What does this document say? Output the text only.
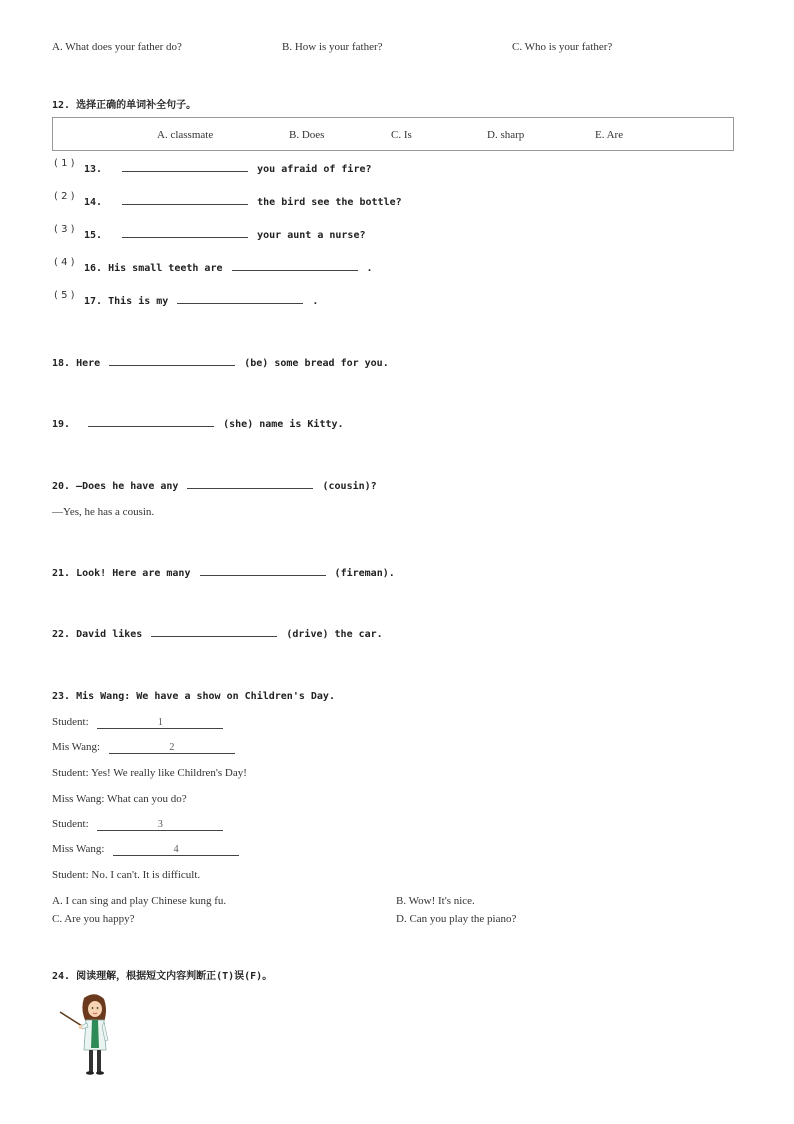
A. What does your father do?	B. How is your father?	C. Who is your father?
12. 选择正确的单词补全句子。
A. classmate	B. Does	C. Is	D. sharp	E. Are
( 1 )
13.	you afraid of fire?
( 2 )
14.	the bird see the bottle?
( 3 )
15.	your aunt a nurse?
( 4 )
16. His small teeth are	.
( 5 )
17. This is my	.
18. Here	(be) some bread for you.
19.	(she) name is Kitty.
20. —Does he have any	(cousin)?
—Yes, he has a cousin.
21. Look! Here are many	(fireman).
22. David likes	(drive) the car.
23. Mis Wang: We have a show on Children's Day.
Student:	1
Mis Wang:	2
Student: Yes! We really like Children's Day!
Miss Wang: What can you do?
Student:	3
Miss Wang:	4
Student: No. I can't. It is difficult.
A. I can sing and play Chinese kung fu.	B. Wow! It's nice.
C. Are you happy?	D. Can you play the piano?
24. 阅读理解，根据短文内容判断正(T)误(F)。
